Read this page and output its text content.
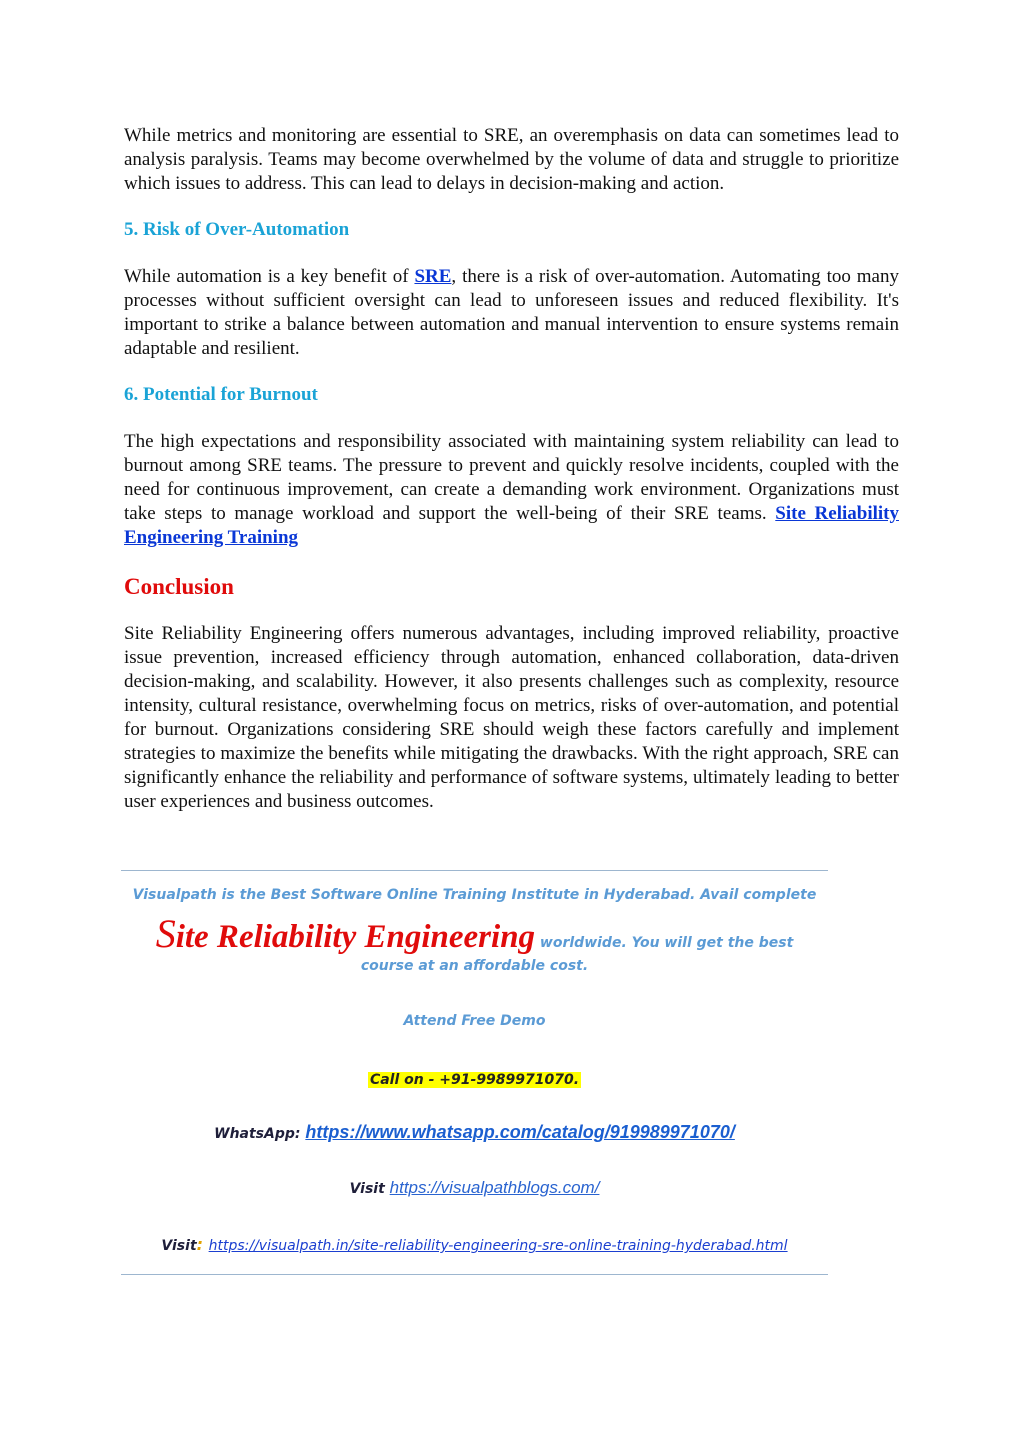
While metrics and monitoring are essential to SRE, an overemphasis on data can sometimes lead to analysis paralysis. Teams may become overwhelmed by the volume of data and struggle to prioritize which issues to address. This can lead to delays in decision-making and action.

5. Risk of Over-Automation

While automation is a key benefit of SRE, there is a risk of over-automation. Automating too many processes without sufficient oversight can lead to unforeseen issues and reduced flexibility. It's important to strike a balance between automation and manual intervention to ensure systems remain adaptable and resilient.

6. Potential for Burnout

The high expectations and responsibility associated with maintaining system reliability can lead to burnout among SRE teams. The pressure to prevent and quickly resolve incidents, coupled with the need for continuous improvement, can create a demanding work environment. Organizations must take steps to manage workload and support the well-being of their SRE teams. Site Reliability Engineering Training

Conclusion

Site Reliability Engineering offers numerous advantages, including improved reliability, proactive issue prevention, increased efficiency through automation, enhanced collaboration, data-driven decision-making, and scalability. However, it also presents challenges such as complexity, resource intensity, cultural resistance, overwhelming focus on metrics, risks of over-automation, and potential for burnout. Organizations considering SRE should weigh these factors carefully and implement strategies to maximize the benefits while mitigating the drawbacks. With the right approach, SRE can significantly enhance the reliability and performance of software systems, ultimately leading to better user experiences and business outcomes.

Visualpath is the Best Software Online Training Institute in Hyderabad. Avail complete
Site Reliability Engineering worldwide. You will get the best
course at an affordable cost.
Attend Free Demo
Call on - +91-9989971070.
WhatsApp: https://www.whatsapp.com/catalog/919989971070/
Visit https://visualpathblogs.com/
Visit: https://visualpath.in/site-reliability-engineering-sre-online-training-hyderabad.html
